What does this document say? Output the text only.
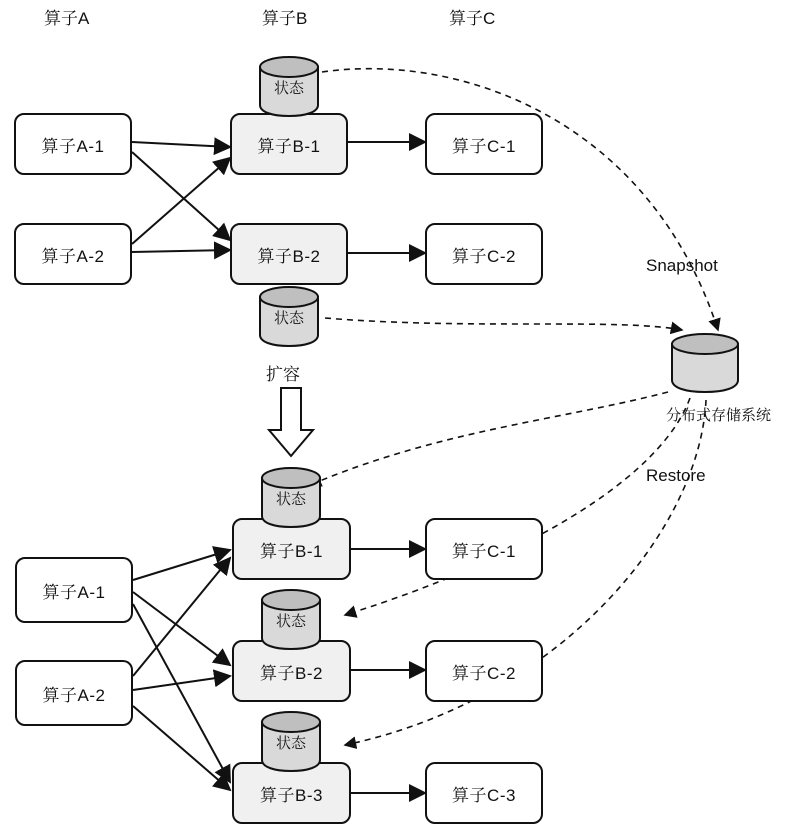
算子A	算子B	算子C
算子A-1
算子A-2
算子B-1
算子B-2
算子C-1
算子C-2
状态
状态
扩容
算子A-1
算子A-2
算子B-1
算子B-2
算子B-3
算子C-1
算子C-2
算子C-3
状态
状态
状态
分布式存储系统
Snapshot
Restore
